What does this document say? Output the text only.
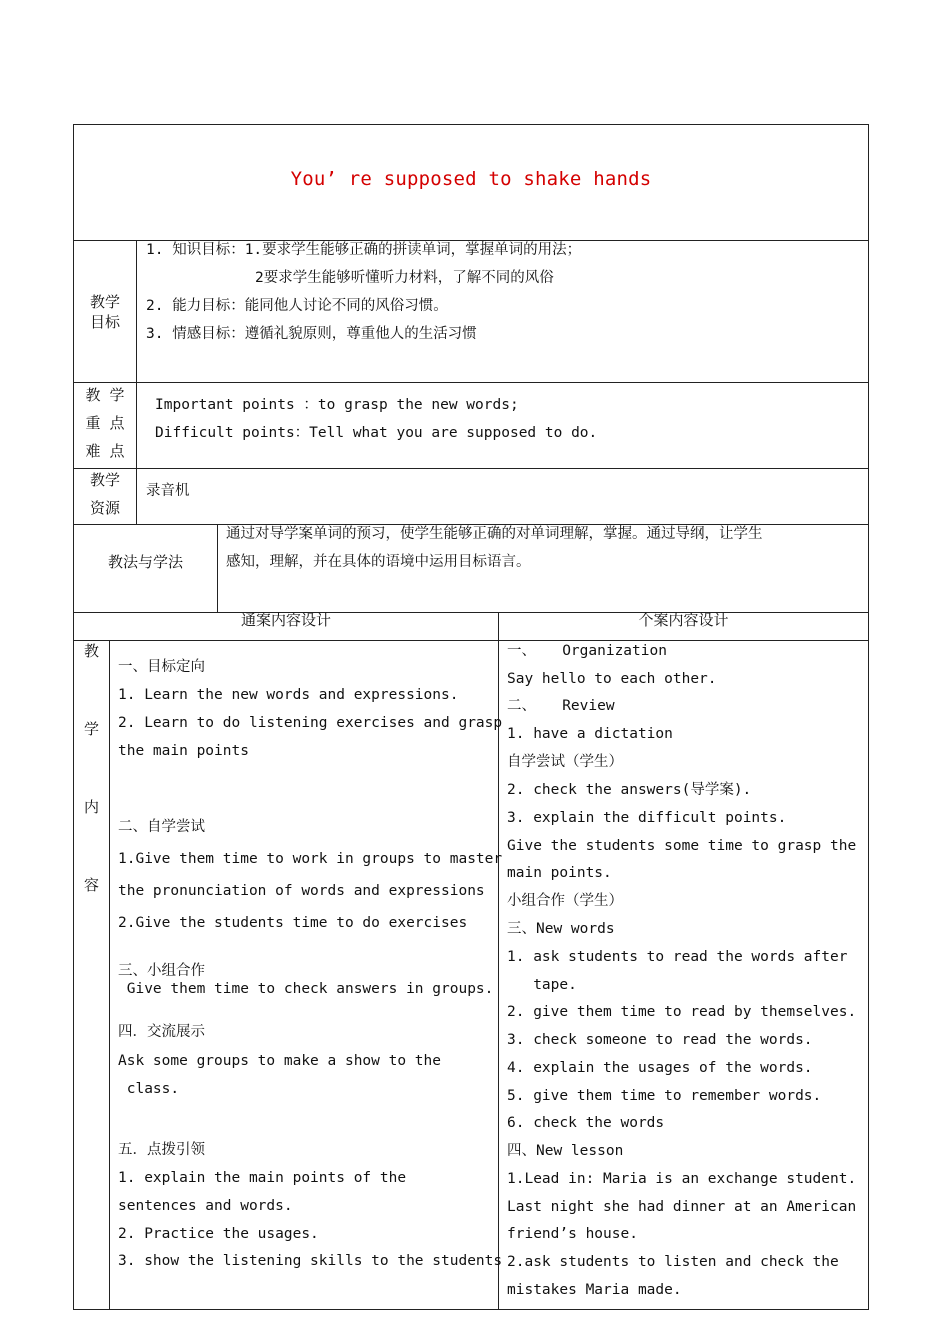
You’ re supposed to shake hands
教学
目标
1. 知识目标：1.要求学生能够正确的拼读单词，掌握单词的用法；
2要求学生能够听懂听力材料，了解不同的风俗
2. 能力目标：能同他人讨论不同的风俗习惯。
3. 情感目标：遵循礼貌原则，尊重他人的生活习惯
教 学
重 点
难 点
Important points ：to grasp the new words;
Difficult points：Tell what you are supposed to do.
教学
资源
录音机
教法与学法
通过对导学案单词的预习，使学生能够正确的对单词理解，掌握。通过导纲，让学生
感知，理解，并在具体的语境中运用目标语言。
通案内容设计	个案内容设计
教
学
内
容
一、目标定向
1. Learn the new words and expressions.
2. Learn to do listening exercises and grasp
the main points
二、自学尝试
1.Give them time to work in groups to master
the pronunciation of words and expressions
2.Give the students time to do exercises
三、小组合作
Give them time to check answers in groups.
四．交流展示
Ask some groups to make a show to the
class.
五．点拨引领
1. explain the main points of the
sentences and words.
2. Practice the usages.
3. show the listening skills to the students
一、   Organization
Say hello to each other.
二、   Review
1. have a dictation
自学尝试（学生）
2. check the answers(导学案).
3. explain the difficult points.
Give the students some time to grasp the
main points.
小组合作（学生）
三、New words
1. ask students to read the words after
tape.
2. give them time to read by themselves.
3. check someone to read the words.
4. explain the usages of the words.
5. give them time to remember words.
6. check the words
四、New lesson
1.Lead in: Maria is an exchange student.
Last night she had dinner at an American
friend’s house.
2.ask students to listen and check the
mistakes Maria made.
